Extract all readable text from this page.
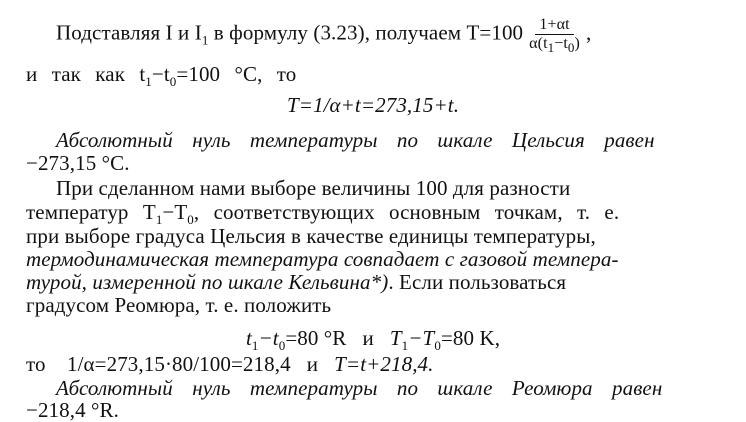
Подставляя I и $I_1$ в формулу (3.23), получаем $T=100 \frac{1+\alpha t}{\alpha(t_1-t_0)}$ ,
и так как $t_1-t_0=100$ °C, то
T=1/α+t=273,15+t.
Абсолютный нуль температуры по шкале Цельсия равен
−273,15 °C.
При сделанном нами выборе величины 100 для разности
температур $T_1-T_0$, соответствующих основным точкам, т. е.
при выборе градуса Цельсия в качестве единицы температуры,
термодинамическая температура совпадает с газовой темпера-
турой, измеренной по шкале Кельвина*). Если пользоваться
градусом Реомюра, т. е. положить
$t_1-t_0=80$ °R и $T_1-T_0=80$ K,
то 1/α=273,15·80/100=218,4 и T=t+218,4.
Абсолютный нуль температуры по шкале Реомюра равен
−218,4 °R.
